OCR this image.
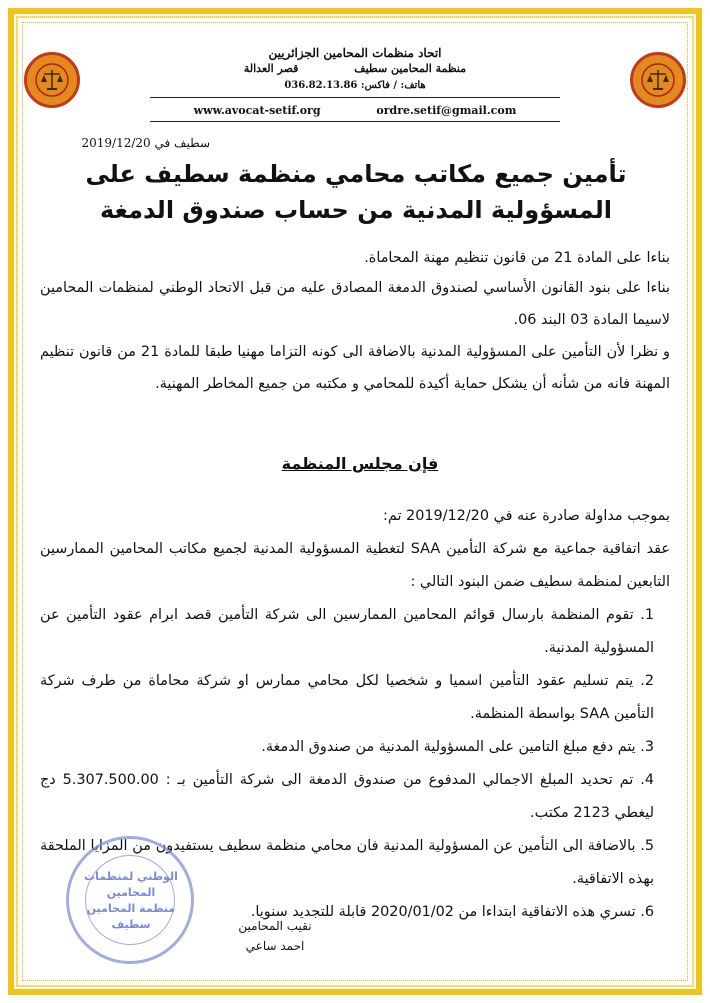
اتحاد منظمات المحامين الجزائريين
منظمة المحامين سطيف قصر العدالة
هاتف: / فاكس: 036.82.13.86
www.avocat-setif.org	ordre.setif@gmail.com
سطيف في 2019/12/20
تأمين جميع مكاتب محامي منظمة سطيف على
المسؤولية المدنية من حساب صندوق الدمغة
بناءا على المادة 21 من قانون تنظيم مهنة المحاماة.
بناءا على بنود القانون الأساسي لصندوق الدمغة المصادق عليه من قبل الاتحاد الوطني لمنظمات المحامين لاسيما المادة 03 البند 06.
و نظرا لأن التأمين على المسؤولية المدنية بالاضافة الى كونه التزاما مهنيا طبقا للمادة 21 من قانون تنظيم المهنة فانه من شأنه أن يشكل حماية أكيدة للمحامي و مكتبه من جميع المخاطر المهنية.
فإن مجلس المنظمة

بموجب مداولة صادرة عنه في 2019/12/20 تم:

عقد اتفاقية جماعية مع شركة التأمين SAA لتغطية المسؤولية المدنية لجميع مكاتب المحامين الممارسين التابعين لمنظمة سطيف ضمن البنود التالي :

1. تقوم المنظمة بارسال قوائم المحامين الممارسين الى شركة التأمين قصد ابرام عقود التأمين عن المسؤولية المدنية.

2. يتم تسليم عقود التأمين اسميا و شخصيا لكل محامي ممارس او شركة محاماة من طرف شركة التأمين SAA بواسطة المنظمة.

3. يتم دفع مبلغ التامين على المسؤولية المدنية من صندوق الدمغة.

4. تم تحديد المبلغ الاجمالي المدفوع من صندوق الدمغة الى شركة التأمين بـ : 5.307.500.00 دج ليغطي 2123 مكتب.

5. بالاضافة الى التأمين عن المسؤولية المدنية فان محامي منظمة سطيف يستفيدون من المزايا الملحقة بهذه الاتفاقية.

6. تسري هذه الاتفاقية ابتداءا من 2020/01/02 قابلة للتجديد سنويا.

الوطني لمنظمات المحامين
منظمة المحامين
سطيف	نقيب المحامين
احمد ساعي
